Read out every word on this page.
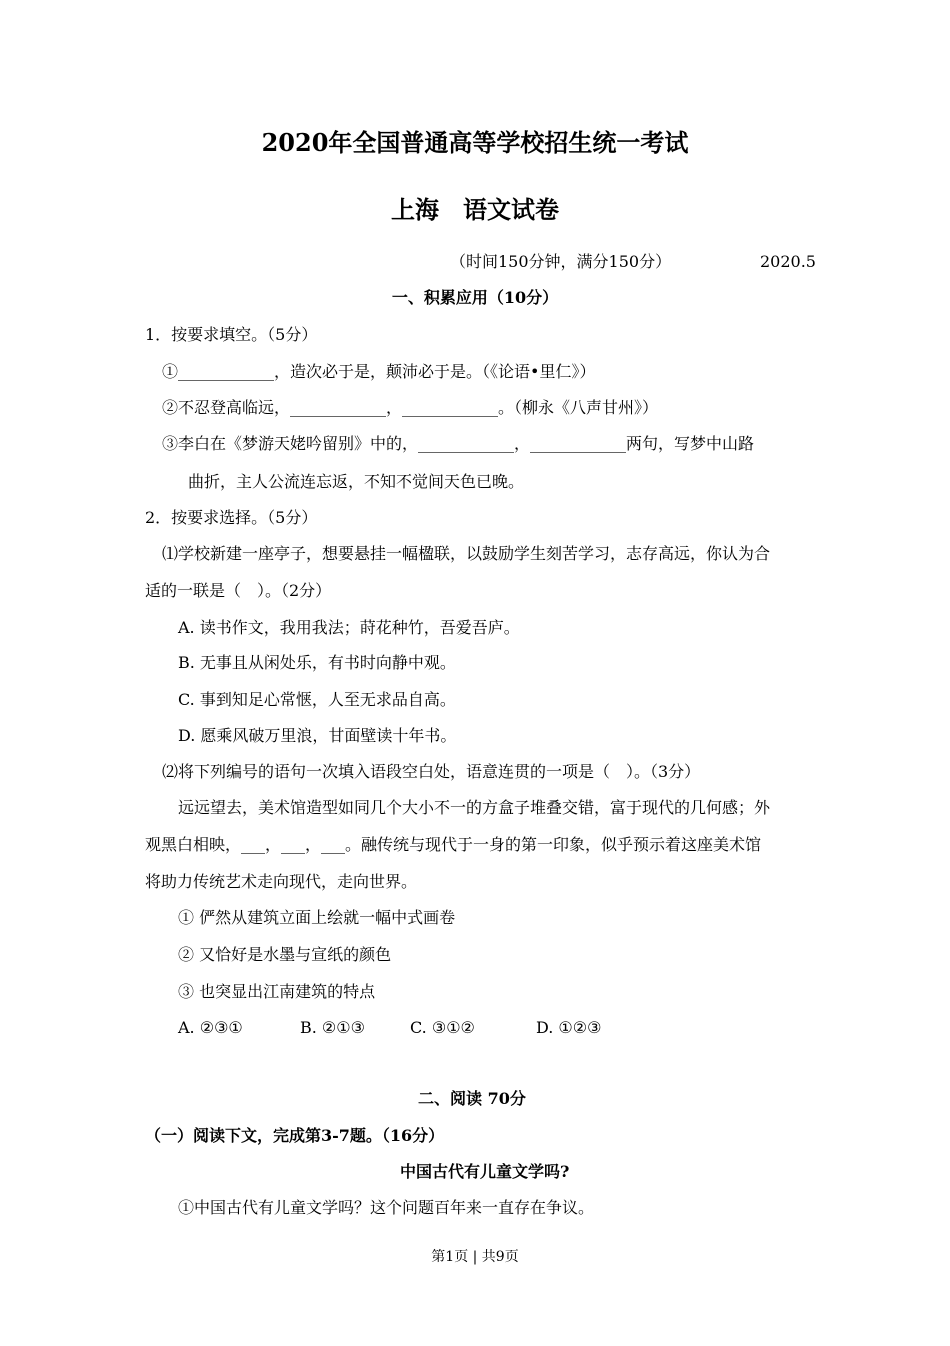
2020年全国普通高等学校招生统一考试
上海　语文试卷
（时间150分钟，满分150分）	2020.5
一、积累应用（10分）
1．按要求填空。（5分）
①____________，造次必于是，颠沛必于是。（《论语•里仁》）
②不忍登高临远，____________，____________。（柳永《八声甘州》）
③李白在《梦游天姥吟留别》中的，____________，____________两句，写梦中山路
曲折，主人公流连忘返，不知不觉间天色已晚。
2．按要求选择。（5分）
⑴学校新建一座亭子，想要悬挂一幅楹联，以鼓励学生刻苦学习，志存高远，你认为合
适的一联是（　）。（2分）
A. 读书作文，我用我法；莳花种竹，吾爱吾庐。
B. 无事且从闲处乐，有书时向静中观。
C. 事到知足心常惬，人至无求品自高。
D. 愿乘风破万里浪，甘面壁读十年书。
⑵将下列编号的语句一次填入语段空白处，语意连贯的一项是（　）。（3分）
远远望去，美术馆造型如同几个大小不一的方盒子堆叠交错，富于现代的几何感；外
观黑白相映，___，___，___。融传统与现代于一身的第一印象，似乎预示着这座美术馆
将助力传统艺术走向现代，走向世界。
① 俨然从建筑立面上绘就一幅中式画卷
② 又恰好是水墨与宣纸的颜色
③ 也突显出江南建筑的特点
A. ②③①	B. ②①③	C. ③①②	D. ①②③
二、阅读 70分
（一）阅读下文，完成第3-7题。（16分）
中国古代有儿童文学吗?
①中国古代有儿童文学吗？这个问题百年来一直存在争议。
第1页 | 共9页
